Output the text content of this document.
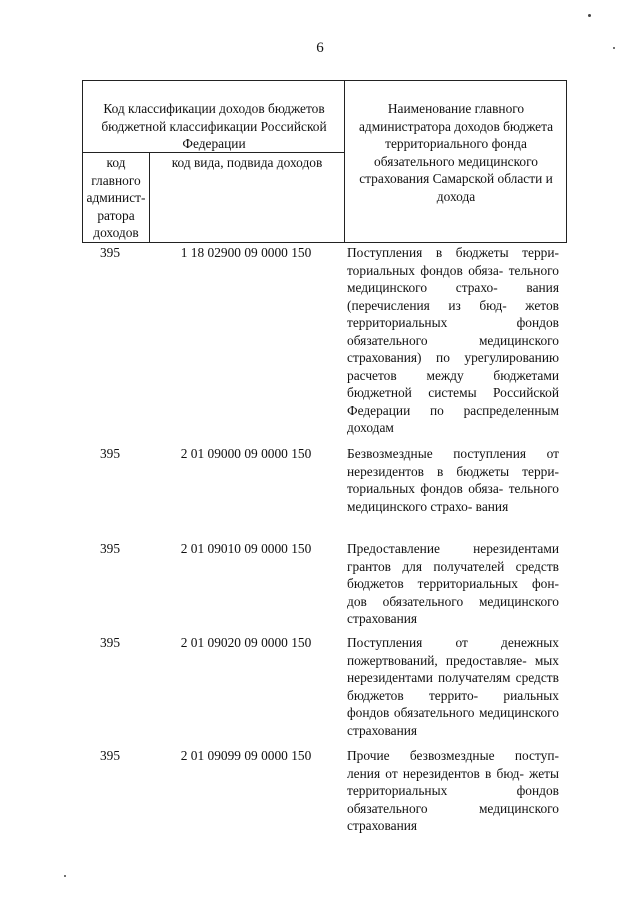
6
Код классификации доходов бюджетов бюджетной классификации Российской Федерации
код главного админист- ратора доходов
код вида, подвида доходов
Наименование главного администратора доходов бюджета территориального фонда обязательного медицинского страхования Самарской области и дохода
395	1 18 02900 09 0000 150	Поступления в бюджеты терри- ториальных фондов обяза- тельного медицинского страхо- вания (перечисления из бюд- жетов территориальных фондов обязательного медицинского страхования) по урегулированию расчетов между бюджетами бюджетной системы Российской Федерации по распределенным доходам
395	2 01 09000 09 0000 150	Безвозмездные поступления от нерезидентов в бюджеты терри- ториальных фондов обяза- тельного медицинского страхо- вания
395	2 01 09010 09 0000 150	Предоставление нерезидентами грантов для получателей средств бюджетов территориальных фон- дов обязательного медицинского страхования
395	2 01 09020 09 0000 150	Поступления от денежных пожертвований, предоставляе- мых нерезидентами получателям средств бюджетов террито- риальных фондов обязательного медицинского страхования
395	2 01 09099 09 0000 150	Прочие безвозмездные поступ- ления от нерезидентов в бюд- жеты территориальных фондов обязательного медицинского страхования
